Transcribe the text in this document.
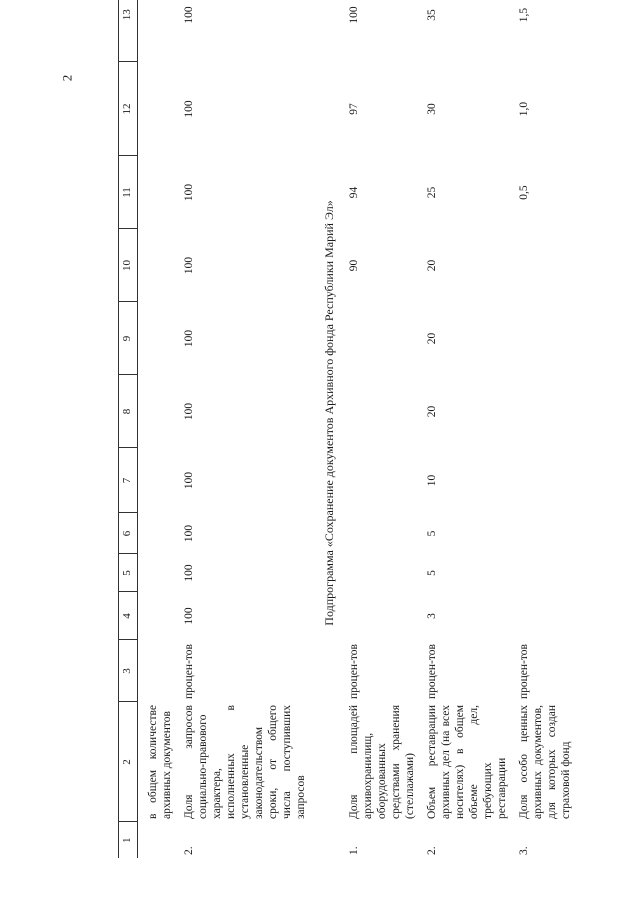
2
1	2	3	4	5	6	7	8	9	10	11	12	13

	в общем количестве архивных документов											

2.	Доля запросов социально-правового характера, исполненных в установленные законодательством сроки, от общего числа поступивших запросов	процен-тов	100	100	100	100	100	100	100	100	100	100
Подпрограмма «Сохранение документов Архивного фонда Республики Марий Эл»												
1.	Доля площадей архивохранилищ, оборудованных средствами хранения (стеллажами)	процен-тов							90	94	97	100

2.	Объем реставрации архивных дел (на всех носителях) в общем объеме дел, требующих реставрации	процен-тов	3	5	5	10	20	20	20	25	30	35

3.	Доля особо ценных архивных документов, для которых создан страховой фонд	процен-тов								0,5	1,0	1,5
